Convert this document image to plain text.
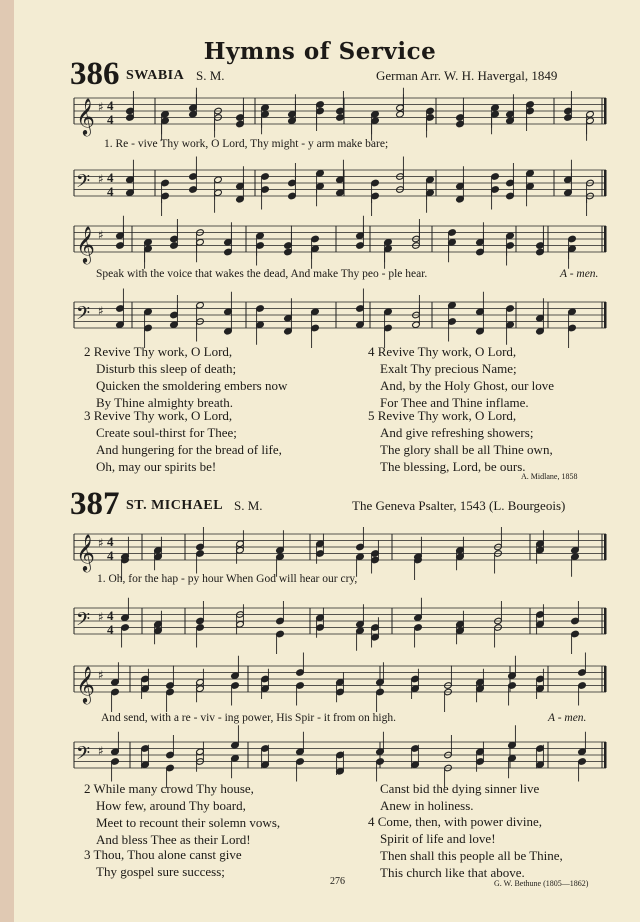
Hymns of Service
386 SWABIA S. M.	German Arr. W. H. Havergal, 1849
𝄞 ♯ 4
4
𝄢 ♯ 4
4
1. Re - vive Thy work, O Lord, Thy might - y arm make bare;
𝄞 ♯
𝄢 ♯
Speak with the voice that wakes the dead, And make Thy peo - ple hear.	A - men.
2 Revive Thy work, O Lord,
Disturb this sleep of death;
Quicken the smoldering embers now
By Thine almighty breath.
3 Revive Thy work, O Lord,
Create soul-thirst for Thee;
And hungering for the bread of life,
Oh, may our spirits be!
4 Revive Thy work, O Lord,
Exalt Thy precious Name;
And, by the Holy Ghost, our love
For Thee and Thine inflame.
5 Revive Thy work, O Lord,
And give refreshing showers;
The glory shall be all Thine own,
The blessing, Lord, be ours.
A. Midlane, 1858
387 ST. MICHAEL S. M.	The Geneva Psalter, 1543 (L. Bourgeois)
𝄞 ♯ 4
4
𝄢 ♯ 4
4
1. Oh, for the hap - py hour When God will hear our cry,
𝄞 ♯
𝄢 ♯
And send, with a re - viv - ing power, His Spir - it from on high.	A - men.
2 While many crowd Thy house,
How few, around Thy board,
Meet to recount their solemn vows,
And bless Thee as their Lord!
3 Thou, Thou alone canst give
Thy gospel sure success;
Canst bid the dying sinner live
Anew in holiness.
4 Come, then, with power divine,
Spirit of life and love!
Then shall this people all be Thine,
This church like that above.
276	G. W. Bethune (1805—1862)
